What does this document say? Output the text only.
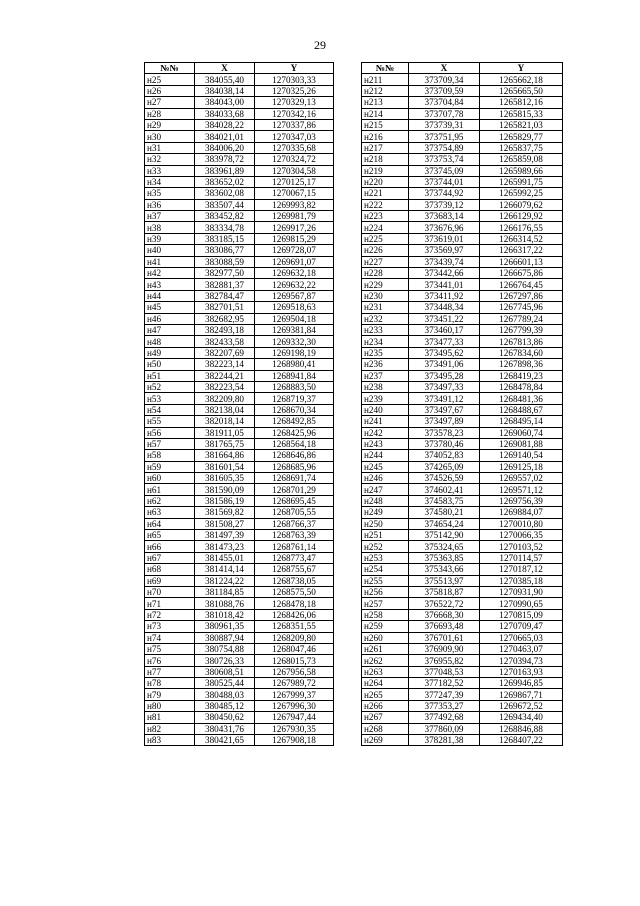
29
№№	X	Y
н25	384055,40	1270303,33
н26	384038,14	1270325,26
н27	384043,00	1270329,13
н28	384033,68	1270342,16
н29	384028,22	1270337,86
н30	384021,01	1270347,03
н31	384006,20	1270335,68
н32	383978,72	1270324,72
н33	383961,89	1270304,58
н34	383652,02	1270125,17
н35	383602,08	1270067,15
н36	383507,44	1269993,82
н37	383452,82	1269981,79
н38	383334,78	1269917,26
н39	383185,15	1269815,29
н40	383086,77	1269728,07
н41	383088,59	1269691,07
н42	382977,50	1269632,18
н43	382881,37	1269632,22
н44	382784,47	1269567,87
н45	382701,51	1269518,63
н46	382682,95	1269504,18
н47	382493,18	1269381,84
н48	382433,58	1269332,30
н49	382207,69	1269198,19
н50	382223,14	1268980,41
н51	382244,21	1268941,84
н52	382223,54	1268883,50
н53	382209,80	1268719,37
н54	382138,04	1268670,34
н55	382018,14	1268492,85
н56	381911,05	1268425,96
н57	381765,75	1268564,18
н58	381664,86	1268646,86
н59	381601,54	1268685,96
н60	381605,35	1268691,74
н61	381590,09	1268701,29
н62	381586,19	1268695,45
н63	381569,82	1268705,55
н64	381508,27	1268766,37
н65	381497,39	1268763,39
н66	381473,23	1268761,14
н67	381455,01	1268773,47
н68	381414,14	1268755,67
н69	381224,22	1268738,05
н70	381184,85	1268575,50
н71	381088,76	1268478,18
н72	381018,42	1268426,06
н73	380961,35	1268351,55
н74	380887,94	1268209,80
н75	380754,88	1268047,46
н76	380726,33	1268015,73
н77	380608,51	1267956,58
н78	380525,44	1267989,72
н79	380488,03	1267999,37
н80	380485,12	1267996,30
н81	380450,62	1267947,44
н82	380431,76	1267930,35
н83	380421,65	1267908,18
№№	X	Y
н211	373709,34	1265662,18
н212	373709,59	1265665,50
н213	373704,84	1265812,16
н214	373707,78	1265815,33
н215	373739,31	1265821,03
н216	373751,95	1265829,77
н217	373754,89	1265837,75
н218	373753,74	1265859,08
н219	373745,09	1265989,66
н220	373744,01	1265991,75
н221	373744,92	1265992,25
н222	373739,12	1266079,62
н223	373683,14	1266129,92
н224	373676,96	1266176,55
н225	373619,01	1266314,52
н226	373569,97	1266317,22
н227	373439,74	1266601,13
н228	373442,66	1266675,86
н229	373441,01	1266764,45
н230	373411,92	1267297,86
н231	373448,34	1267745,96
н232	373451,22	1267789,24
н233	373460,17	1267799,39
н234	373477,33	1267813,86
н235	373495,62	1267834,60
н236	373491,06	1267898,36
н237	373495,28	1268419,23
н238	373497,33	1268478,84
н239	373491,12	1268481,36
н240	373497,67	1268488,67
н241	373497,89	1268495,14
н242	373578,23	1269060,74
н243	373780,46	1269081,88
н244	374052,83	1269140,54
н245	374265,09	1269125,18
н246	374526,59	1269557,02
н247	374602,41	1269571,12
н248	374583,75	1269756,39
н249	374580,21	1269884,07
н250	374654,24	1270010,80
н251	375142,90	1270066,35
н252	375324,65	1270103,52
н253	375363,85	1270114,57
н254	375343,66	1270187,12
н255	375513,97	1270385,18
н256	375818,87	1270931,90
н257	376522,72	1270990,65
н258	376668,30	1270815,09
н259	376693,48	1270709,47
н260	376701,61	1270665,03
н261	376909,90	1270463,07
н262	376955,82	1270394,73
н263	377048,53	1270163,93
н264	377182,52	1269946,85
н265	377247,39	1269867,71
н266	377353,27	1269672,52
н267	377492,68	1269434,40
н268	377860,09	1268846,88
н269	378281,38	1268407,22
